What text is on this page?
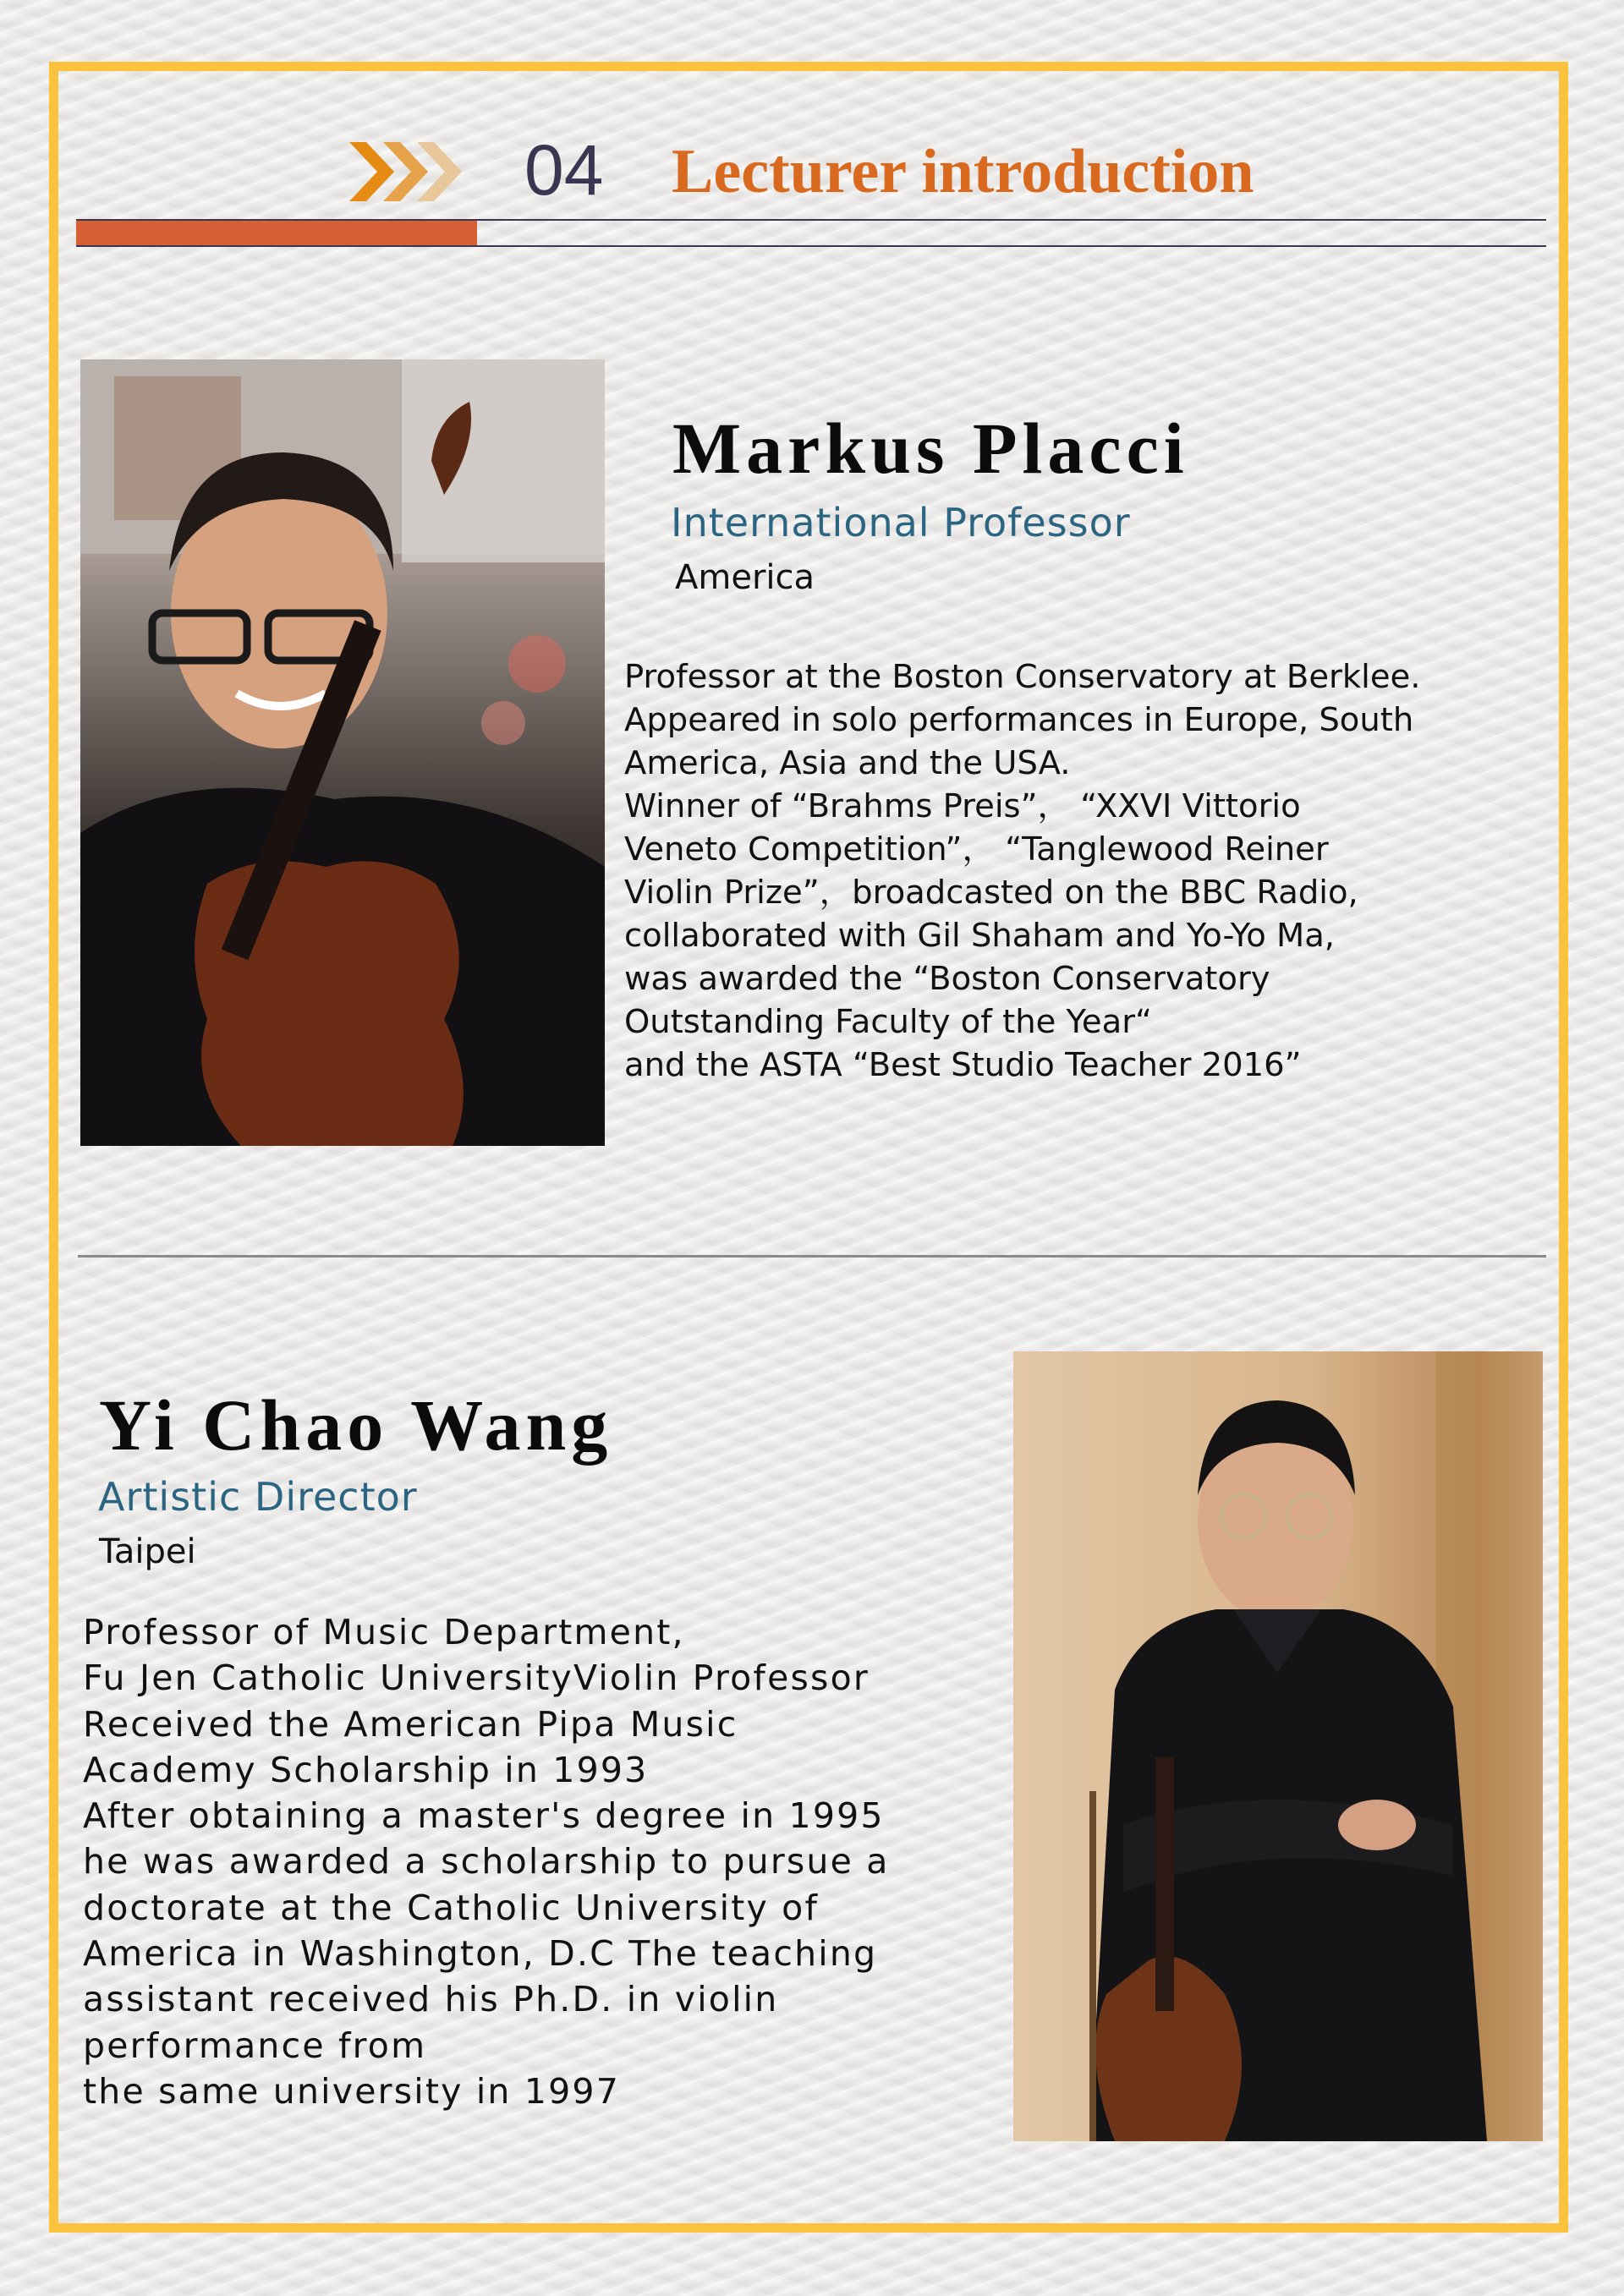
04 Lecturer introduction
Markus Placci
International Professor
America
Professor at the Boston Conservatory at Berklee.
Appeared in solo performances in Europe, South
America, Asia and the USA.
Winner of “Brahms Preis”， “XXVI Vittorio
Veneto Competition”， “Tanglewood Reiner
Violin Prize”，broadcasted on the BBC Radio,
collaborated with Gil Shaham and Yo-Yo Ma,
was awarded the “Boston Conservatory
Outstanding Faculty of the Year“
and the ASTA “Best Studio Teacher 2016”
Yi Chao Wang
Artistic Director
Taipei
Professor of Music Department,
Fu Jen Catholic UniversityViolin Professor
Received the American Pipa Music
Academy Scholarship in 1993
After obtaining a master's degree in 1995
he was awarded a scholarship to pursue a
doctorate at the Catholic University of
America in Washington, D.C The teaching
assistant received his Ph.D. in violin
performance from
the same university in 1997
